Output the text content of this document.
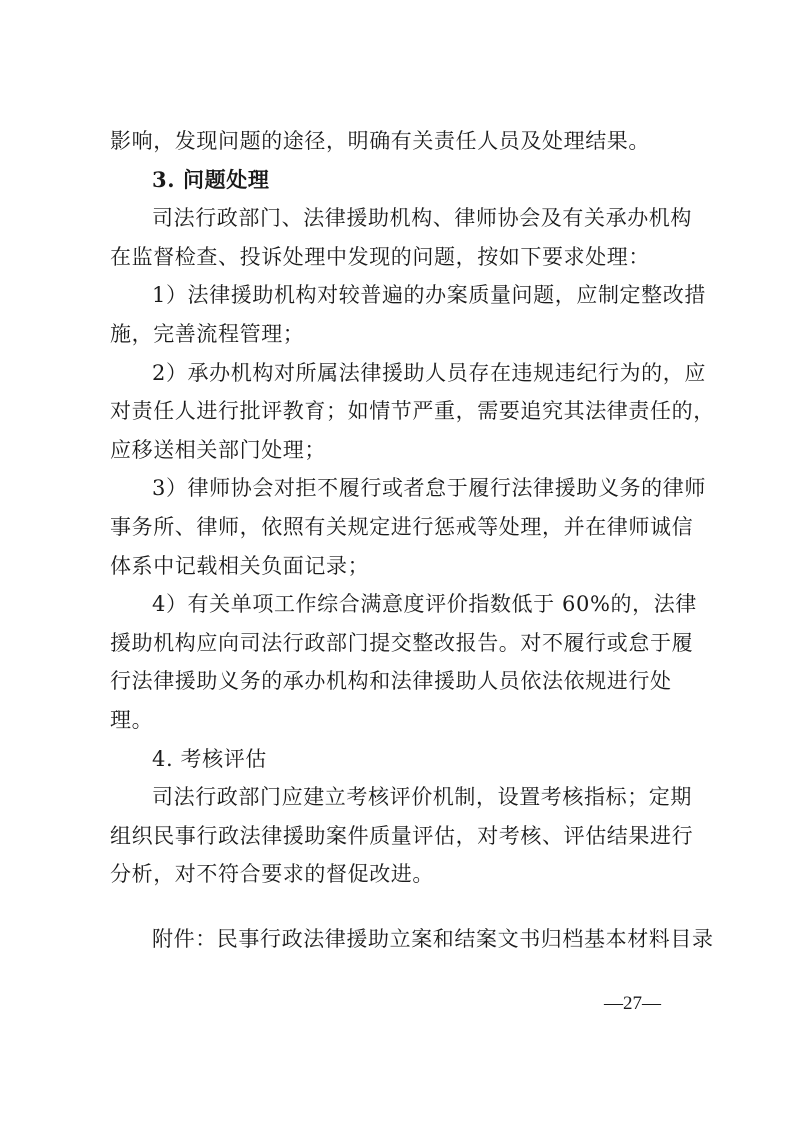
影响，发现问题的途径，明确有关责任人员及处理结果。
3. 问题处理
司法行政部门、法律援助机构、律师协会及有关承办机构
在监督检查、投诉处理中发现的问题，按如下要求处理：
1）法律援助机构对较普遍的办案质量问题，应制定整改措
施，完善流程管理；
2）承办机构对所属法律援助人员存在违规违纪行为的，应
对责任人进行批评教育；如情节严重，需要追究其法律责任的，
应移送相关部门处理；
3）律师协会对拒不履行或者怠于履行法律援助义务的律师
事务所、律师，依照有关规定进行惩戒等处理，并在律师诚信
体系中记载相关负面记录；
4）有关单项工作综合满意度评价指数低于 60%的，法律
援助机构应向司法行政部门提交整改报告。对不履行或怠于履
行法律援助义务的承办机构和法律援助人员依法依规进行处
理。
4. 考核评估
司法行政部门应建立考核评价机制，设置考核指标；定期
组织民事行政法律援助案件质量评估，对考核、评估结果进行
分析，对不符合要求的督促改进。
附件：民事行政法律援助立案和结案文书归档基本材料目录
—27—
